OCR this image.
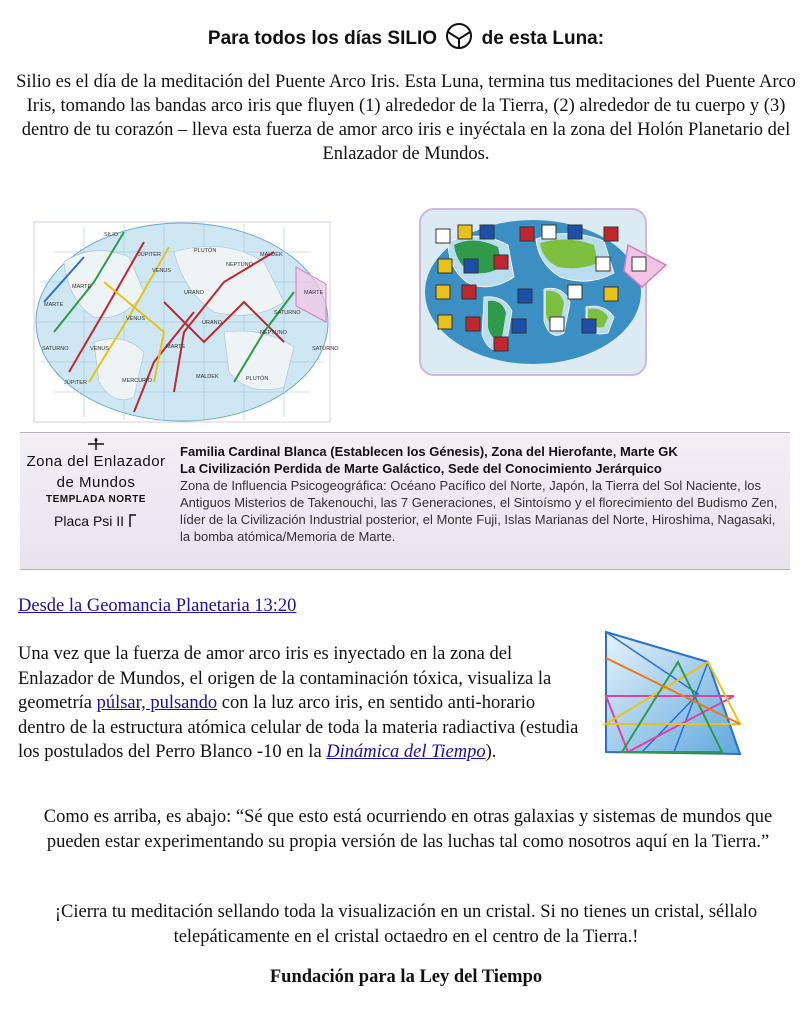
Para todos los días SILIO de esta Luna:
Silio es el día de la meditación del Puente Arco Iris. Esta Luna, termina tus meditaciones del Puente Arco Iris, tomando las bandas arco iris que fluyen (1) alrededor de la Tierra, (2) alrededor de tu cuerpo y (3) dentro de tu corazón – lleva esta fuerza de amor arco iris e inyéctala en la zona del Holón Planetario del Enlazador de Mundos.
SILIO
MARTE
JÚPITER
URANO
PLUTÓN
NEPTUNO
MALDEK
VENUS
MARTE
MARTE
SATURNO
SATURNO	VENUS
URANO
NEPTUNO
SATURNO
JÚPITER	MERCURIO
MARTE
MALDEK	PLUTÓN
VENUS
Zona del Enlazador
de Mundos
TEMPLADA NORTE
Placa Psi II
Familia Cardinal Blanca (Establecen los Génesis), Zona del Hierofante, Marte GK
La Civilización Perdida de Marte Galáctico, Sede del Conocimiento Jerárquico
Zona de Influencia Psicogeográfica: Océano Pacífico del Norte, Japón, la Tierra del Sol Naciente, los Antiguos Misterios de Takenouchi, las 7 Generaciones, el Sintoísmo y el florecimiento del Budismo Zen, líder de la Civilización Industrial posterior, el Monte Fuji, Islas Marianas del Norte, Hiroshima, Nagasaki, la bomba atómica/Memoria de Marte.
Desde la Geomancia Planetaria 13:20
Una vez que la fuerza de amor arco iris es inyectado en la zona del Enlazador de Mundos, el origen de la contaminación tóxica, visualiza la geometría púlsar, pulsando con la luz arco iris, en sentido anti-horario dentro de la estructura atómica celular de toda la materia radiactiva (estudia los postulados del Perro Blanco -10 en la Dinámica del Tiempo).
Como es arriba, es abajo: “Sé que esto está ocurriendo en otras galaxias y sistemas de mundos que pueden estar experimentando su propia versión de las luchas tal como nosotros aquí en la Tierra.”
¡Cierra tu meditación sellando toda la visualización en un cristal. Si no tienes un cristal, séllalo telepáticamente en el cristal octaedro en el centro de la Tierra.!
Fundación para la Ley del Tiempo
